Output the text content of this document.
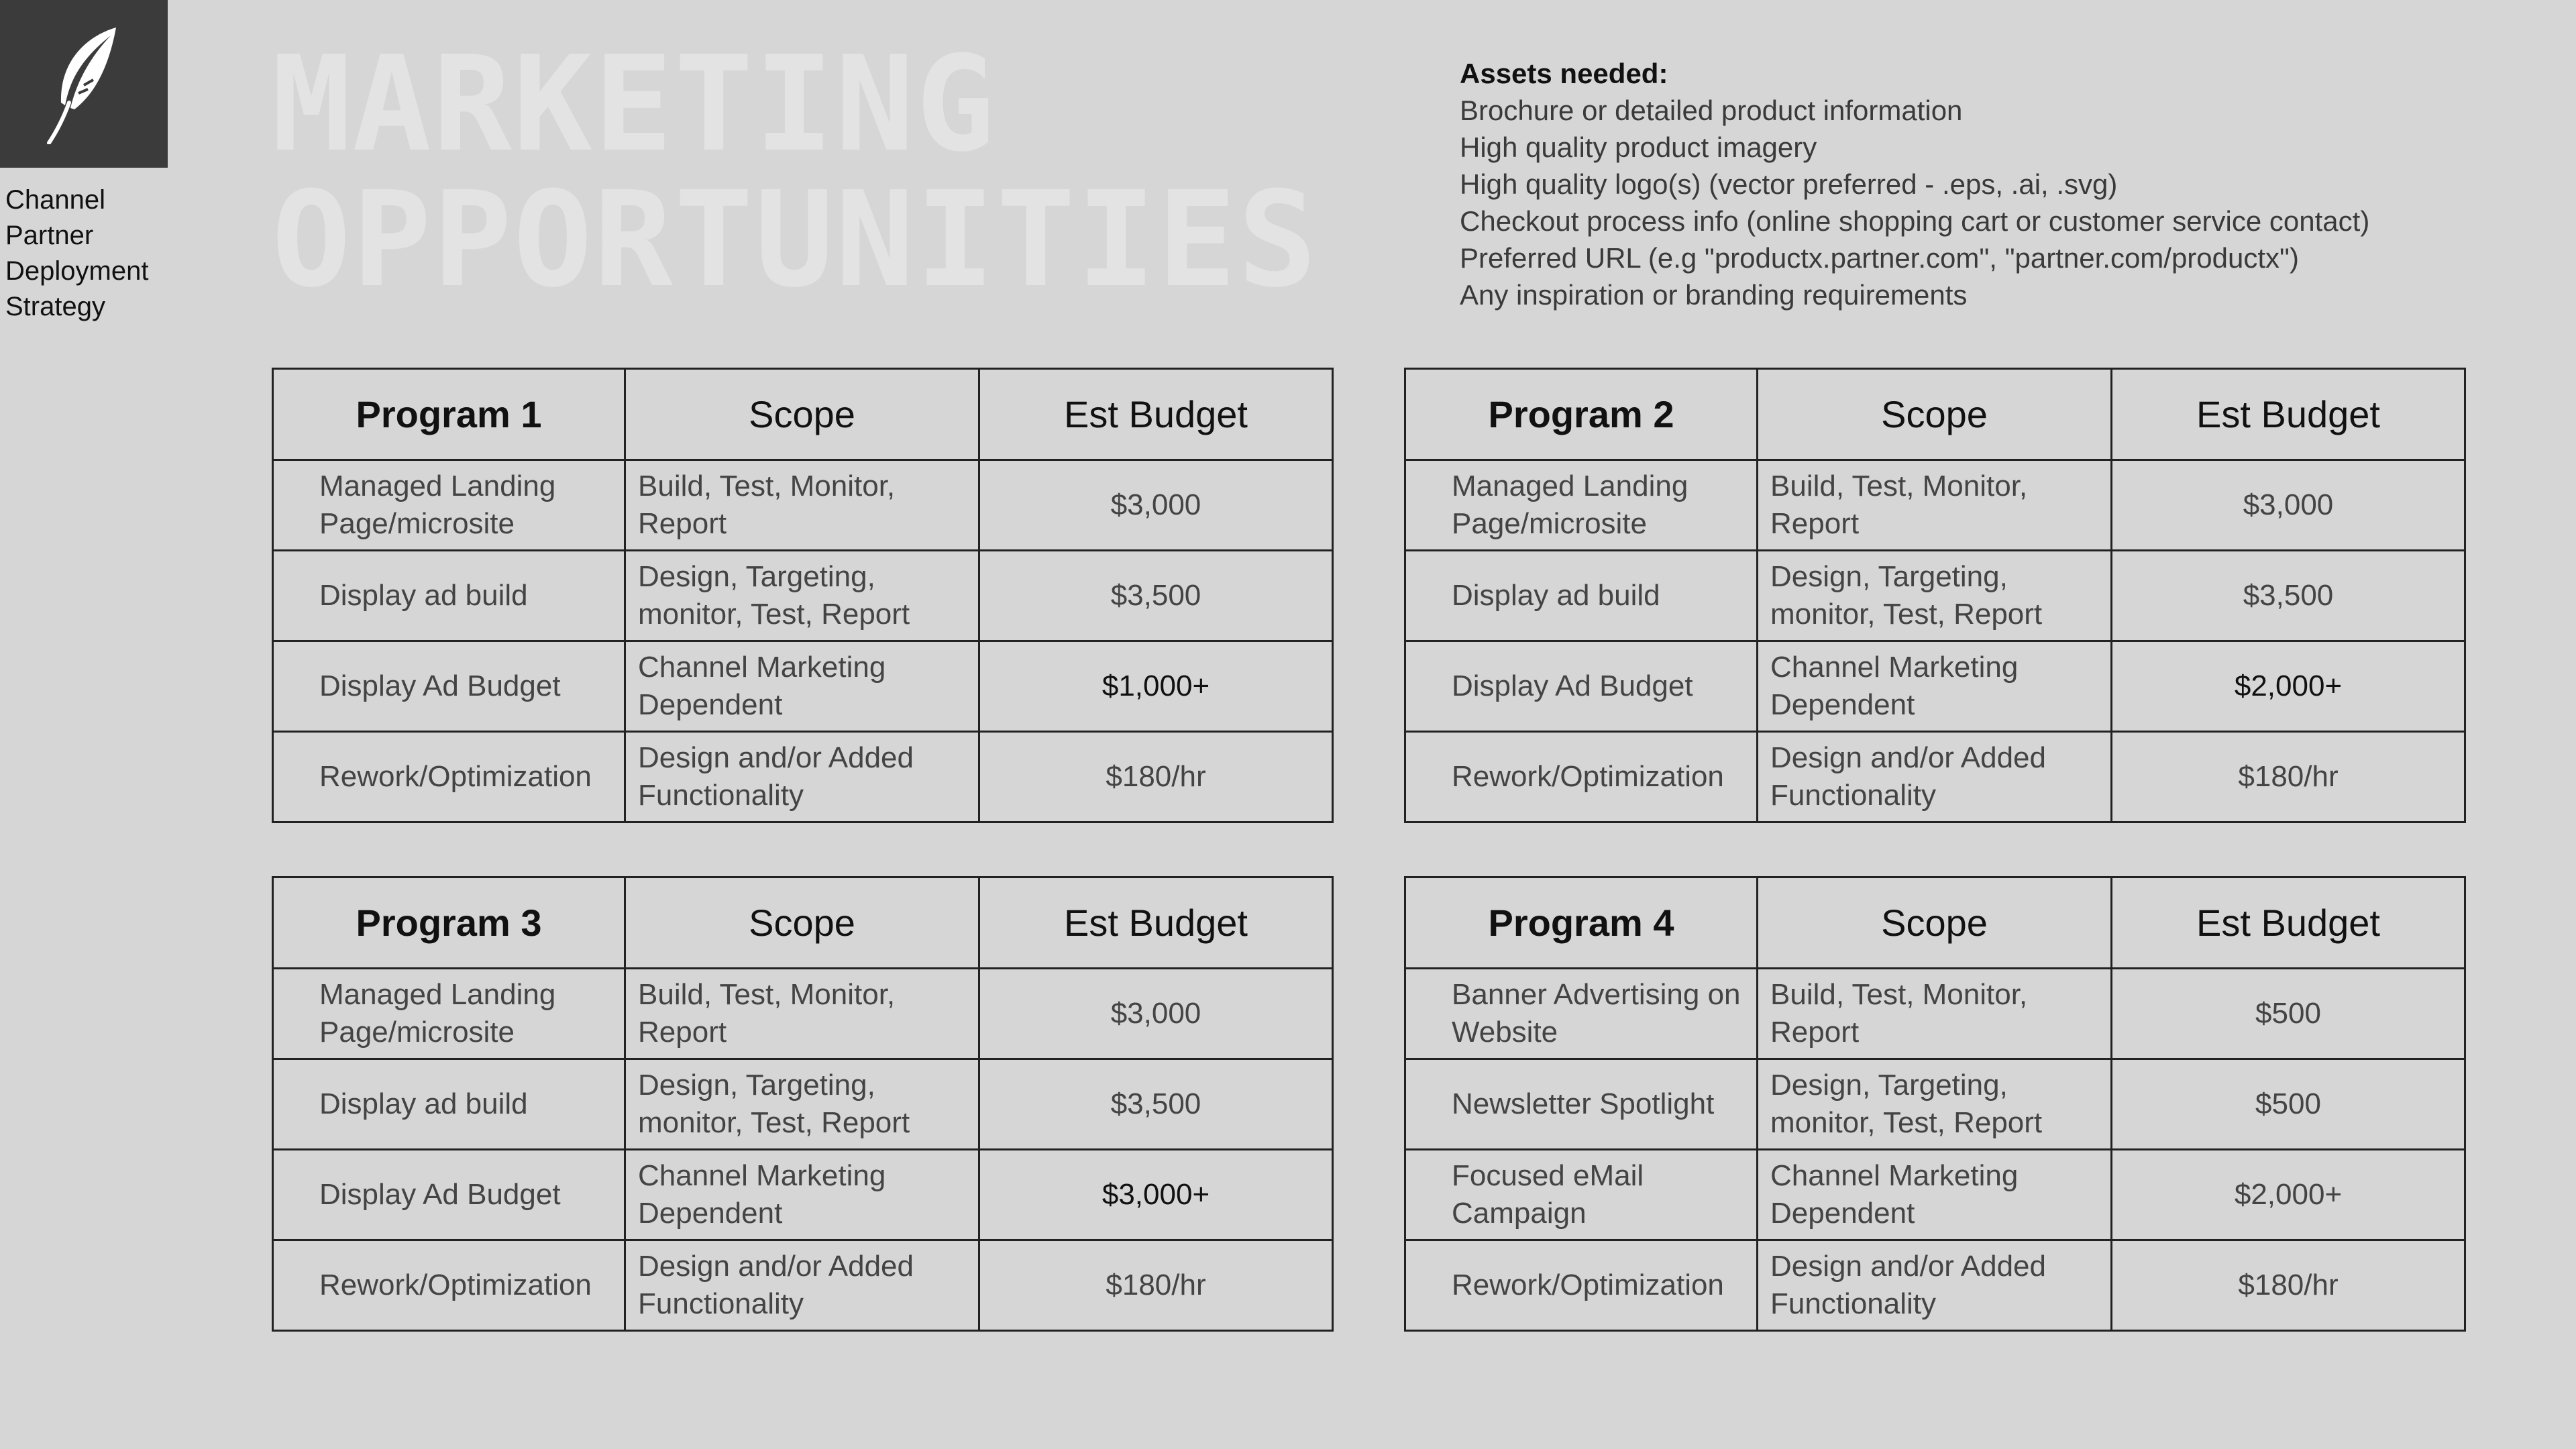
Channel
Partner
Deployment
Strategy
MARKETING
OPPORTUNITIES
Assets needed:
Brochure or detailed product information
High quality product imagery
High quality logo(s) (vector preferred - .eps, .ai, .svg)
Checkout process info (online shopping cart or customer service contact)
Preferred URL (e.g "productx.partner.com", "partner.com/productx")
Any inspiration or branding requirements
Program 1	Scope	Est Budget
Managed Landing Page/microsite	Build, Test, Monitor, Report	$3,000
Display ad build	Design, Targeting, monitor, Test, Report	$3,500
Display Ad Budget	Channel Marketing Dependent	$1,000+
Rework/Optimization	Design and/or Added Functionality	$180/hr
Program 2	Scope	Est Budget
Managed Landing Page/microsite	Build, Test, Monitor, Report	$3,000
Display ad build	Design, Targeting, monitor, Test, Report	$3,500
Display Ad Budget	Channel Marketing Dependent	$2,000+
Rework/Optimization	Design and/or Added Functionality	$180/hr
Program 3	Scope	Est Budget
Managed Landing Page/microsite	Build, Test, Monitor, Report	$3,000
Display ad build	Design, Targeting, monitor, Test, Report	$3,500
Display Ad Budget	Channel Marketing Dependent	$3,000+
Rework/Optimization	Design and/or Added Functionality	$180/hr
Program 4	Scope	Est Budget
Banner Advertising on Website	Build, Test, Monitor, Report	$500
Newsletter Spotlight	Design, Targeting, monitor, Test, Report	$500
Focused eMail Campaign	Channel Marketing Dependent	$2,000+
Rework/Optimization	Design and/or Added Functionality	$180/hr
